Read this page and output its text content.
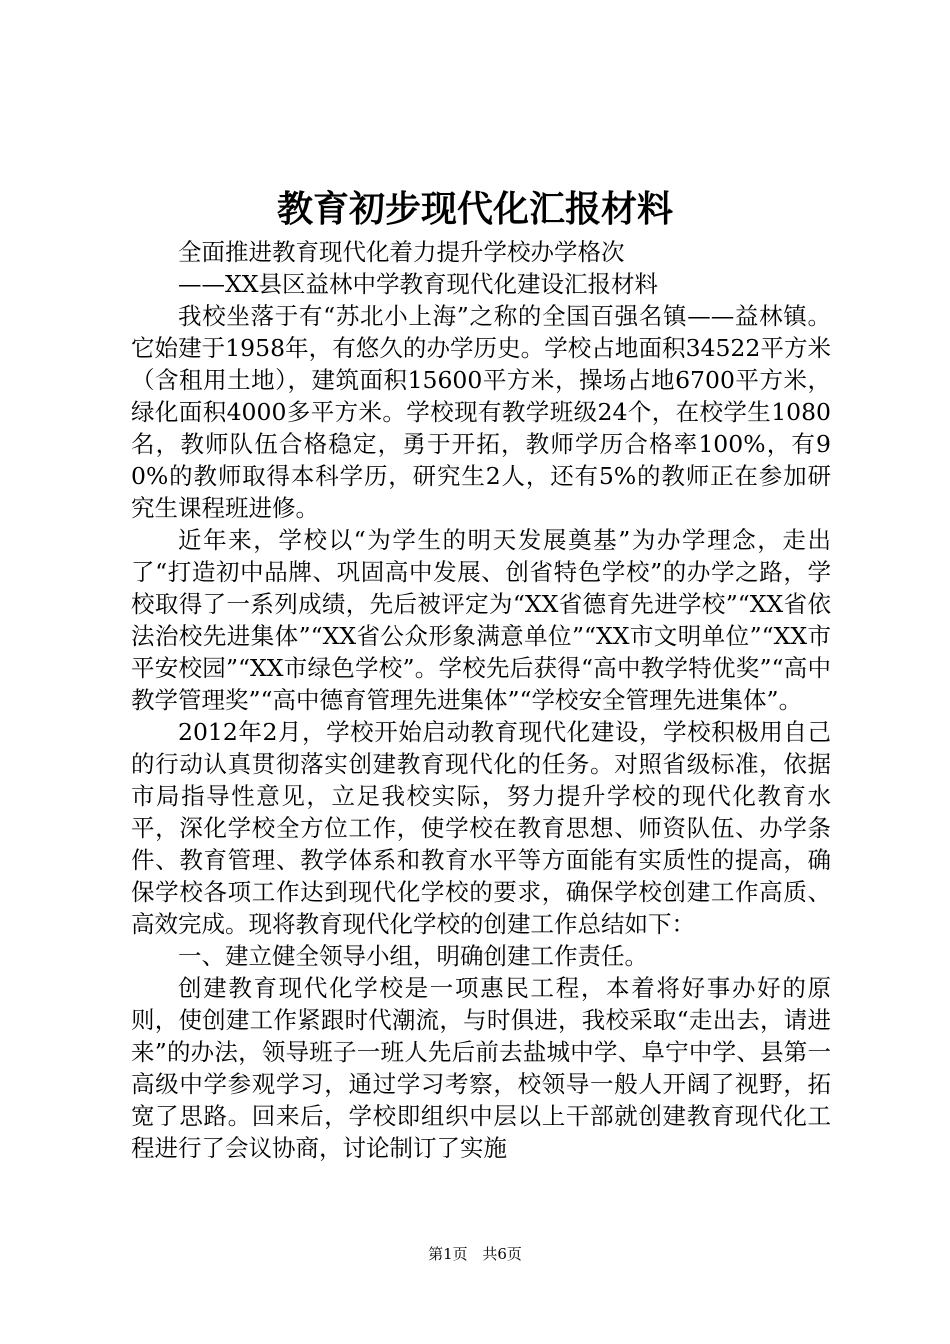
教育初步现代化汇报材料

全面推进教育现代化着力提升学校办学格次

——XX县区益林中学教育现代化建设汇报材料

我校坐落于有“苏北小上海”之称的全国百强名镇——益林镇。它始建于1958年，有悠久的办学历史。学校占地面积34522平方米（含租用土地），建筑面积15600平方米，操场占地6700平方米，绿化面积4000多平方米。学校现有教学班级24个，在校学生1080名，教师队伍合格稳定，勇于开拓，教师学历合格率100%，有90%的教师取得本科学历，研究生2人，还有5%的教师正在参加研究生课程班进修。

近年来，学校以“为学生的明天发展奠基”为办学理念，走出了“打造初中品牌、巩固高中发展、创省特色学校”的办学之路，学校取得了一系列成绩，先后被评定为“XX省德育先进学校”“XX省依法治校先进集体”“XX省公众形象满意单位”“XX市文明单位”“XX市平安校园”“XX市绿色学校”。学校先后获得“高中教学特优奖”“高中教学管理奖”“高中德育管理先进集体”“学校安全管理先进集体”。

2012年2月，学校开始启动教育现代化建设，学校积极用自己的行动认真贯彻落实创建教育现代化的任务。对照省级标准，依据市局指导性意见，立足我校实际，努力提升学校的现代化教育水平，深化学校全方位工作，使学校在教育思想、师资队伍、办学条件、教育管理、教学体系和教育水平等方面能有实质性的提高，确保学校各项工作达到现代化学校的要求，确保学校创建工作高质、高效完成。现将教育现代化学校的创建工作总结如下：

一、建立健全领导小组，明确创建工作责任。

创建教育现代化学校是一项惠民工程，本着将好事办好的原则，使创建工作紧跟时代潮流，与时俱进，我校采取“走出去，请进来”的办法，领导班子一班人先后前去盐城中学、阜宁中学、县第一高级中学参观学习，通过学习考察，校领导一般人开阔了视野，拓宽了思路。回来后，学校即组织中层以上干部就创建教育现代化工程进行了会议协商，讨论制订了实施

第1页 共6页
